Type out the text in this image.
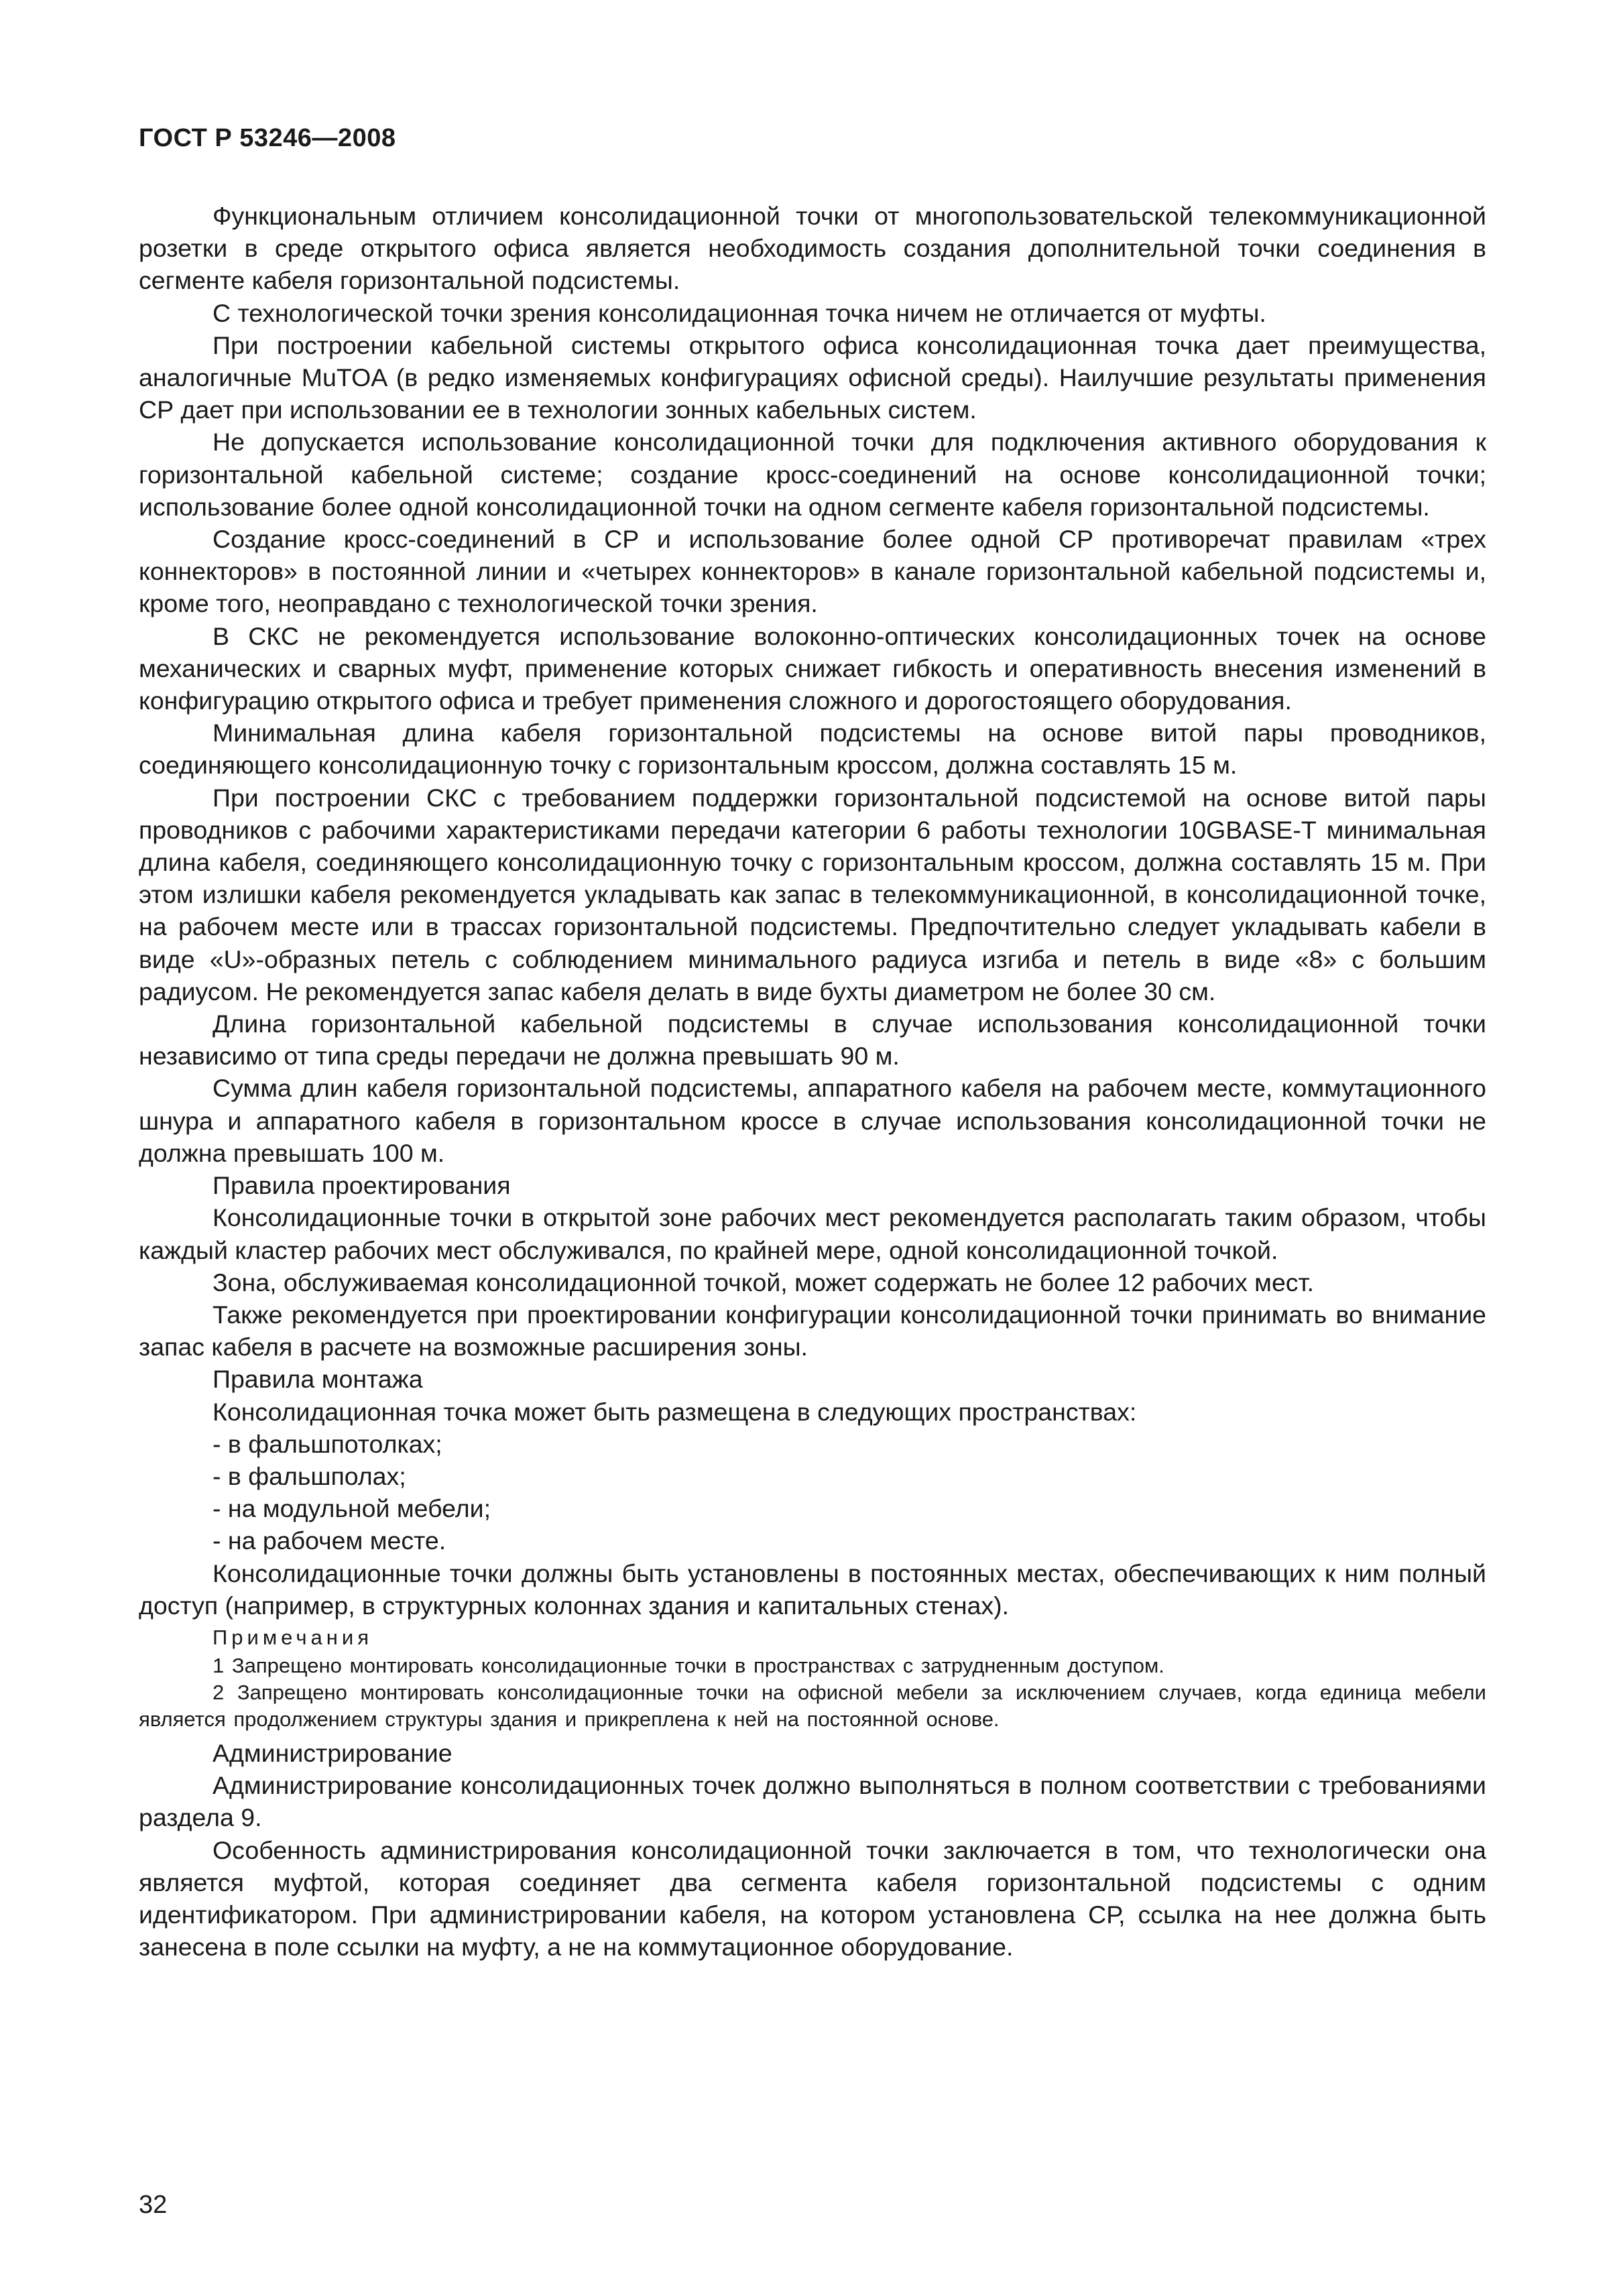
ГОСТ Р 53246—2008

Функциональным отличием консолидационной точки от многопользовательской телекоммуникационной розетки в среде открытого офиса является необходимость создания дополнительной точки соединения в сегменте кабеля горизонтальной подсистемы.

С технологической точки зрения консолидационная точка ничем не отличается от муфты.

При построении кабельной системы открытого офиса консолидационная точка дает преимущества, аналогичные MuTOA (в редко изменяемых конфигурациях офисной среды). Наилучшие результаты применения СР дает при использовании ее в технологии зонных кабельных систем.

Не допускается использование консолидационной точки для подключения активного оборудования к горизонтальной кабельной системе; создание кросс-соединений на основе консолидационной точки; использование более одной консолидационной точки на одном сегменте кабеля горизонтальной подсистемы.

Создание кросс-соединений в СР и использование более одной СР противоречат правилам «трех коннекторов» в постоянной линии и «четырех коннекторов» в канале горизонтальной кабельной подсистемы и, кроме того, неоправдано с технологической точки зрения.

В СКС не рекомендуется использование волоконно-оптических консолидационных точек на основе механических и сварных муфт, применение которых снижает гибкость и оперативность внесения изменений в конфигурацию открытого офиса и требует применения сложного и дорогостоящего оборудования.

Минимальная длина кабеля горизонтальной подсистемы на основе витой пары проводников, соединяющего консолидационную точку с горизонтальным кроссом, должна составлять 15 м.

При построении СКС с требованием поддержки горизонтальной подсистемой на основе витой пары проводников с рабочими характеристиками передачи категории 6 работы технологии 10GBASE-T минимальная длина кабеля, соединяющего консолидационную точку с горизонтальным кроссом, должна составлять 15 м. При этом излишки кабеля рекомендуется укладывать как запас в телекоммуникационной, в консолидационной точке, на рабочем месте или в трассах горизонтальной подсистемы. Предпочтительно следует укладывать кабели в виде «U»-образных петель с соблюдением минимального радиуса изгиба и петель в виде «8» с большим радиусом. Не рекомендуется запас кабеля делать в виде бухты диаметром не более 30 см.

Длина горизонтальной кабельной подсистемы в случае использования консолидационной точки независимо от типа среды передачи не должна превышать 90 м.

Сумма длин кабеля горизонтальной подсистемы, аппаратного кабеля на рабочем месте, коммутационного шнура и аппаратного кабеля в горизонтальном кроссе в случае использования консолидационной точки не должна превышать 100 м.

Правила проектирования

Консолидационные точки в открытой зоне рабочих мест рекомендуется располагать таким образом, чтобы каждый кластер рабочих мест обслуживался, по крайней мере, одной консолидационной точкой.

Зона, обслуживаемая консолидационной точкой, может содержать не более 12 рабочих мест.

Также рекомендуется при проектировании конфигурации консолидационной точки принимать во внимание запас кабеля в расчете на возможные расширения зоны.

Правила монтажа

Консолидационная точка может быть размещена в следующих пространствах:

- в фальшпотолках;

- в фальшполах;

- на модульной мебели;

- на рабочем месте.

Консолидационные точки должны быть установлены в постоянных местах, обеспечивающих к ним полный доступ (например, в структурных колоннах здания и капитальных стенах).

Примечания

1 Запрещено монтировать консолидационные точки в пространствах с затрудненным доступом.

2 Запрещено монтировать консолидационные точки на офисной мебели за исключением случаев, когда единица мебели является продолжением структуры здания и прикреплена к ней на постоянной основе.

Администрирование

Администрирование консолидационных точек должно выполняться в полном соответствии с требованиями раздела 9.

Особенность администрирования консолидационной точки заключается в том, что технологически она является муфтой, которая соединяет два сегмента кабеля горизонтальной подсистемы с одним идентификатором. При администрировании кабеля, на котором установлена СР, ссылка на нее должна быть занесена в поле ссылки на муфту, а не на коммутационное оборудование.

32
